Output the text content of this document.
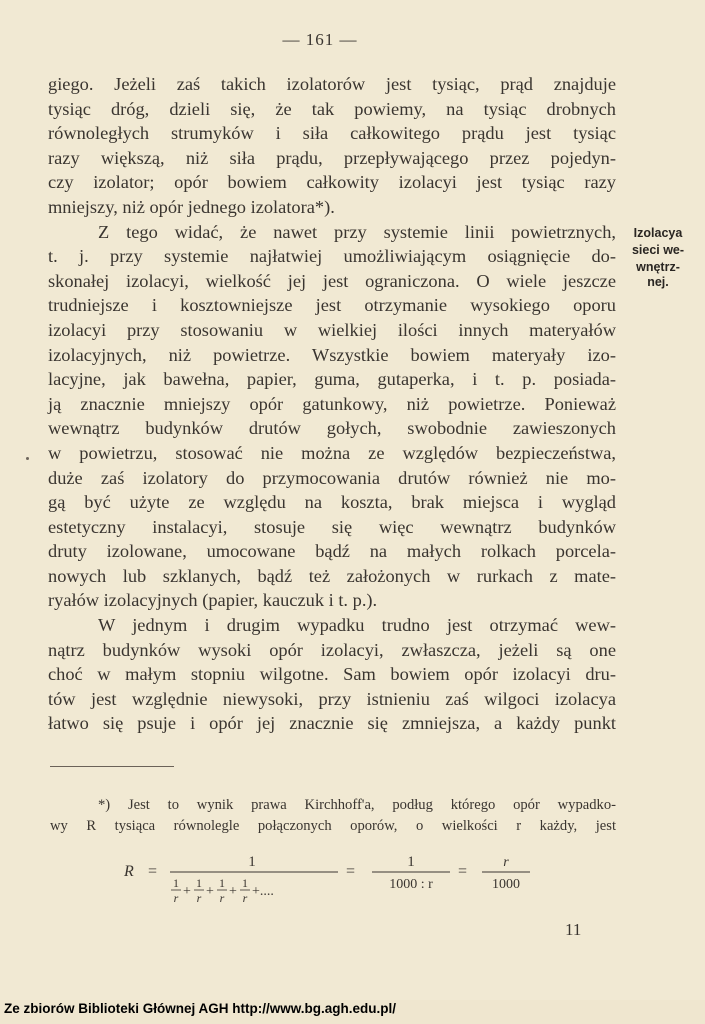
— 161 —
giego. Jeżeli zaś takich izolatorów jest tysiąc, prąd znajduje
tysiąc dróg, dzieli się, że tak powiemy, na tysiąc drobnych
równoległych strumyków i siła całkowitego prądu jest tysiąc
razy większą, niż siła prądu, przepływającego przez pojedyn-
czy izolator; opór bowiem całkowity izolacyi jest tysiąc razy
mniejszy, niż opór jednego izolatora*).
Z tego widać, że nawet przy systemie linii powietrznych,
t. j. przy systemie najłatwiej umożliwiającym osiągnięcie do-
skonałej izolacyi, wielkość jej jest ograniczona. O wiele jeszcze
trudniejsze i kosztowniejsze jest otrzymanie wysokiego oporu
izolacyi przy stosowaniu w wielkiej ilości innych materyałów
izolacyjnych, niż powietrze. Wszystkie bowiem materyały izo-
lacyjne, jak bawełna, papier, guma, gutaperka, i t. p. posiada-
ją znacznie mniejszy opór gatunkowy, niż powietrze. Ponieważ
wewnątrz budynków drutów gołych, swobodnie zawieszonych
w powietrzu, stosować nie można ze względów bezpieczeństwa,
duże zaś izolatory do przymocowania drutów również nie mo-
gą być użyte ze względu na koszta, brak miejsca i wygląd
estetyczny instalacyi, stosuje się więc wewnątrz budynków
druty izolowane, umocowane bądź na małych rolkach porcela-
nowych lub szklanych, bądź też założonych w rurkach z mate-
ryałów izolacyjnych (papier, kauczuk i t. p.).
W jednym i drugim wypadku trudno jest otrzymać wew-
nątrz budynków wysoki opór izolacyi, zwłaszcza, jeżeli są one
choć w małym stopniu wilgotne. Sam bowiem opór izolacyi dru-
tów jest względnie niewysoki, przy istnieniu zaś wilgoci izolacya
łatwo się psuje i opór jej znacznie się zmniejsza, a każdy punkt
Izolacya
sieci we-
wnętrz-
nej.
*) Jest to wynik prawa Kirchhoff'a, podług którego opór wypadko-
wy R tysiąca równolegle połączonych oporów, o wielkości r każdy, jest
R =
1
1
r +
1
r +
1
r +
1
r +....
=
1
1000 : r
=
r
1000
11
Ze zbiorów Biblioteki Głównej AGH http://www.bg.agh.edu.pl/
